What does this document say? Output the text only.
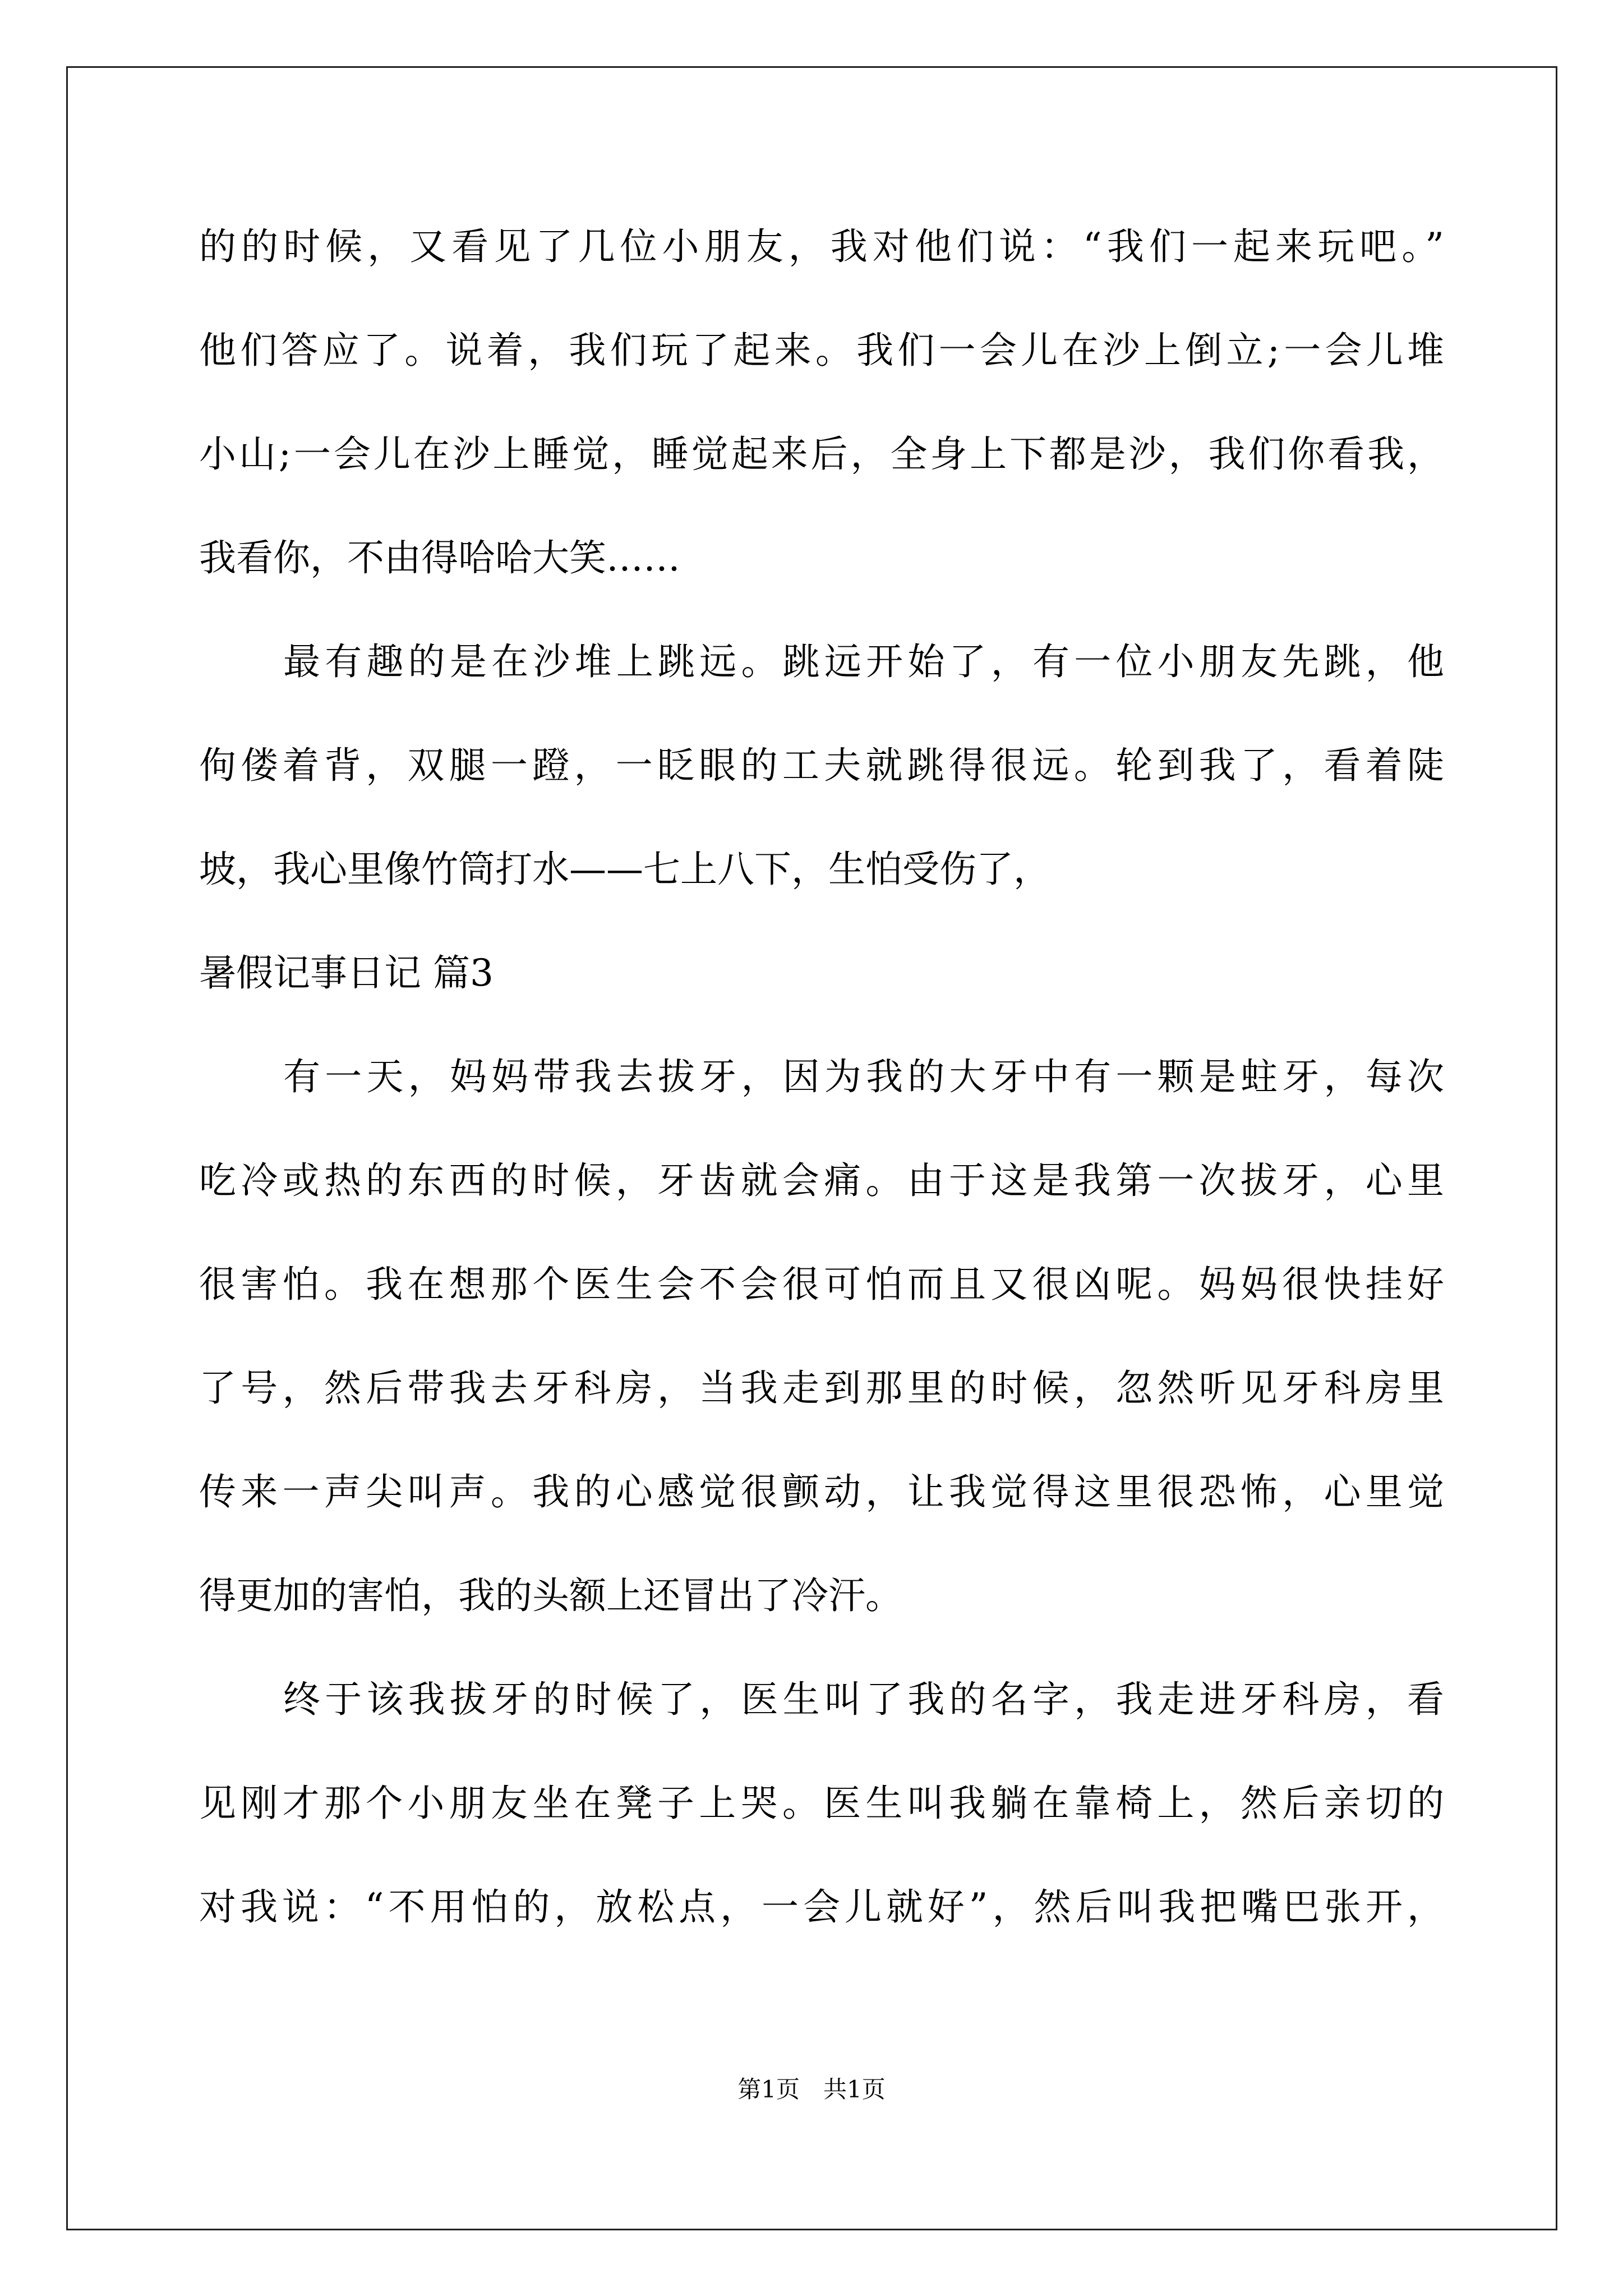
的的时候，又看见了几位小朋友，我对他们说：“我们一起来玩吧。”
他们答应了。说着，我们玩了起来。我们一会儿在沙上倒立;一会儿堆
小山;一会儿在沙上睡觉，睡觉起来后，全身上下都是沙，我们你看我，
我看你，不由得哈哈大笑……
最有趣的是在沙堆上跳远。跳远开始了，有一位小朋友先跳，他
佝偻着背，双腿一蹬，一眨眼的工夫就跳得很远。轮到我了，看着陡
坡，我心里像竹筒打水——七上八下，生怕受伤了，
暑假记事日记 篇3
有一天，妈妈带我去拔牙，因为我的大牙中有一颗是蛀牙，每次
吃冷或热的东西的时候，牙齿就会痛。由于这是我第一次拔牙，心里
很害怕。我在想那个医生会不会很可怕而且又很凶呢。妈妈很快挂好
了号，然后带我去牙科房，当我走到那里的时候，忽然听见牙科房里
传来一声尖叫声。我的心感觉很颤动，让我觉得这里很恐怖，心里觉
得更加的害怕，我的头额上还冒出了冷汗。
终于该我拔牙的时候了，医生叫了我的名字，我走进牙科房，看
见刚才那个小朋友坐在凳子上哭。医生叫我躺在靠椅上，然后亲切的
对我说：“不用怕的，放松点，一会儿就好”，然后叫我把嘴巴张开，
第1页　共1页
